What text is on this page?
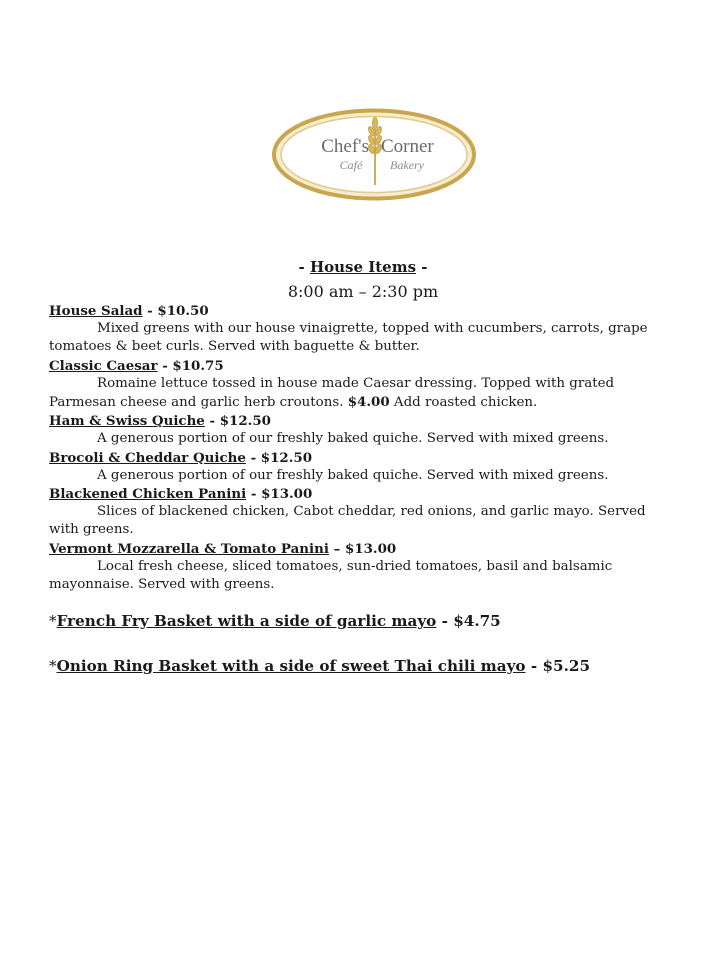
Chef's Corner
Café Bakery
- House Items -
8:00 am – 2:30 pm
House Salad - $10.50
Mixed greens with our house vinaigrette, topped with cucumbers, carrots, grape tomatoes & beet curls. Served with baguette & butter.
Classic Caesar - $10.75
Romaine lettuce tossed in house made Caesar dressing. Topped with grated Parmesan cheese and garlic herb croutons. $4.00 Add roasted chicken.
Ham & Swiss Quiche - $12.50
A generous portion of our freshly baked quiche. Served with mixed greens.
Brocoli & Cheddar Quiche - $12.50
A generous portion of our freshly baked quiche. Served with mixed greens.
Blackened Chicken Panini - $13.00
Slices of blackened chicken, Cabot cheddar, red onions, and garlic mayo. Served with greens.
Vermont Mozzarella & Tomato Panini – $13.00
Local fresh cheese, sliced tomatoes, sun-dried tomatoes, basil and balsamic mayonnaise. Served with greens.
*French Fry Basket with a side of garlic mayo - $4.75
*Onion Ring Basket with a side of sweet Thai chili mayo - $5.25
